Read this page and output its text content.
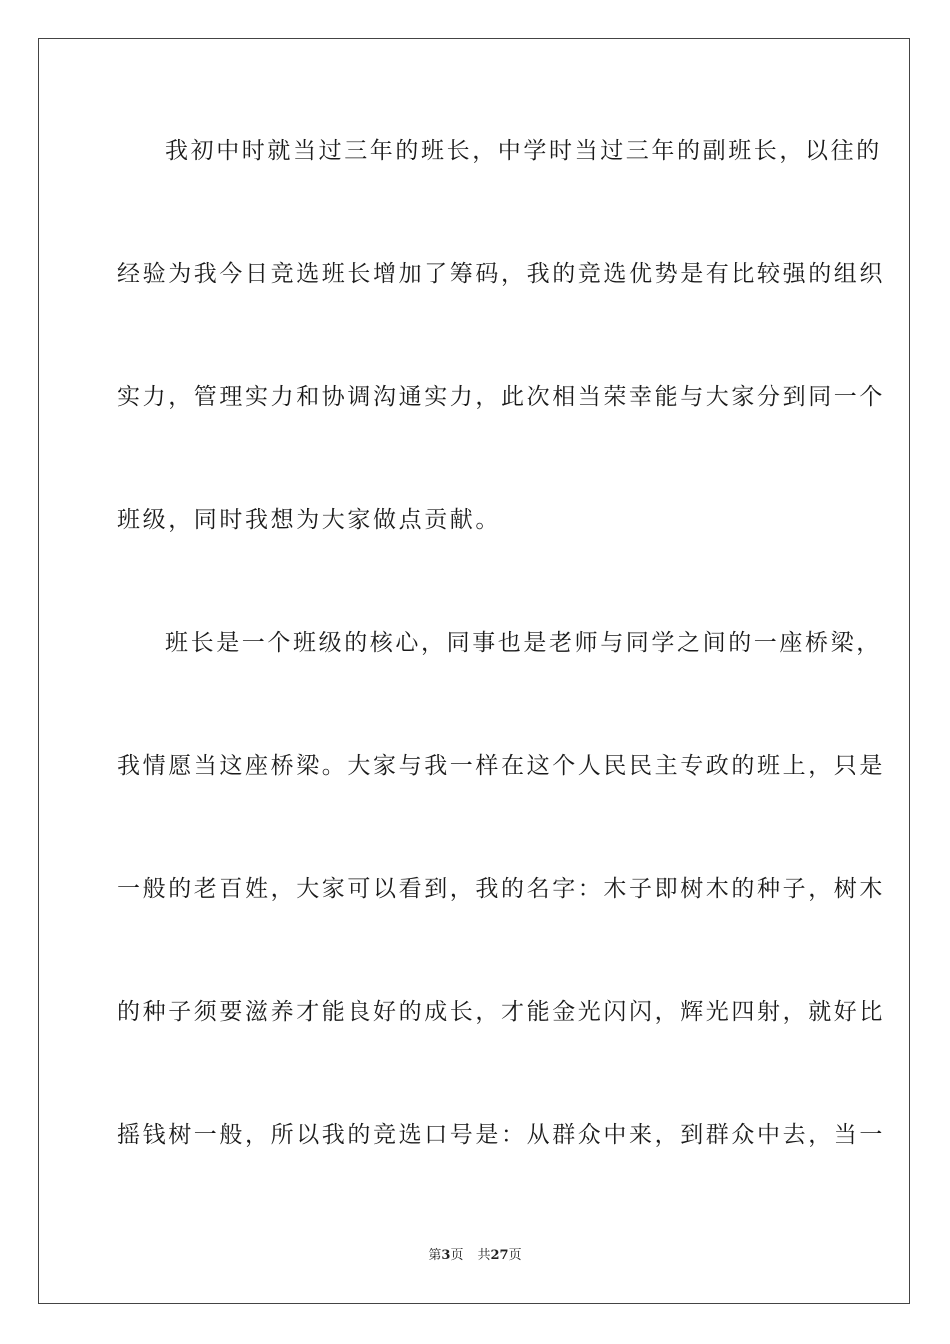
我初中时就当过三年的班长，中学时当过三年的副班长，以往的
经验为我今日竞选班长增加了筹码，我的竞选优势是有比较强的组织
实力，管理实力和协调沟通实力，此次相当荣幸能与大家分到同一个
班级，同时我想为大家做点贡献。
班长是一个班级的核心，同事也是老师与同学之间的一座桥梁，
我情愿当这座桥梁。大家与我一样在这个人民民主专政的班上，只是
一般的老百姓，大家可以看到，我的名字：木子即树木的种子，树木
的种子须要滋养才能良好的成长，才能金光闪闪，辉光四射，就好比
摇钱树一般，所以我的竞选口号是：从群众中来，到群众中去，当一
第3页 共27页
